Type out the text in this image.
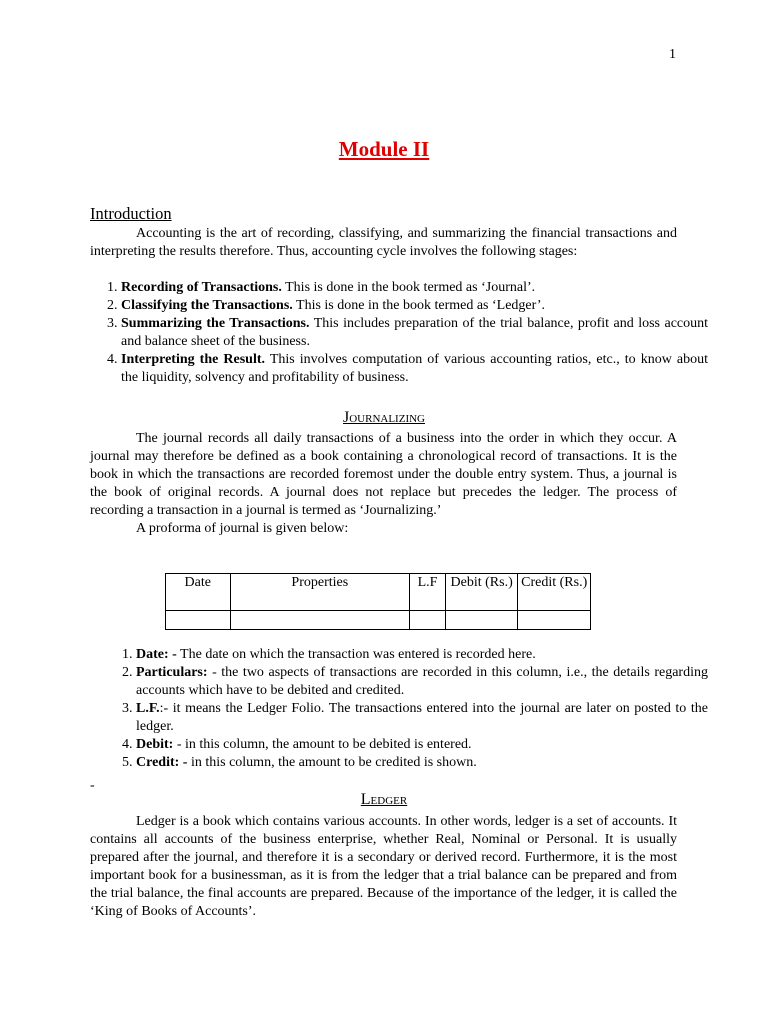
1
Module II
Introduction

Accounting is the art of recording, classifying, and summarizing the financial transactions and interpreting the results therefore. Thus, accounting cycle involves the following stages:

1. Recording of Transactions. This is done in the book termed as ‘Journal’.
2. Classifying the Transactions. This is done in the book termed as ‘Ledger’.
3. Summarizing the Transactions. This includes preparation of the trial balance, profit and loss account and balance sheet of the business.
4. Interpreting the Result. This involves computation of various accounting ratios, etc., to know about the liquidity, solvency and profitability of business.
Journalizing

The journal records all daily transactions of a business into the order in which they occur. A journal may therefore be defined as a book containing a chronological record of transactions. It is the book in which the transactions are recorded foremost under the double entry system. Thus, a journal is the book of original records. A journal does not replace but precedes the ledger. The process of recording a transaction in a journal is termed as ‘Journalizing.’

A proforma of journal is given below:

Date	Properties	L.F	Debit (Rs.)	Credit (Rs.)

1. Date: - The date on which the transaction was entered is recorded here.
2. Particulars: - the two aspects of transactions are recorded in this column, i.e., the details regarding accounts which have to be debited and credited.
3. L.F.:- it means the Ledger Folio. The transactions entered into the journal are later on posted to the ledger.
4. Debit: - in this column, the amount to be debited is entered.
5. Credit: - in this column, the amount to be credited is shown.
-
Ledger

Ledger is a book which contains various accounts. In other words, ledger is a set of accounts. It contains all accounts of the business enterprise, whether Real, Nominal or Personal. It is usually prepared after the journal, and therefore it is a secondary or derived record. Furthermore, it is the most important book for a businessman, as it is from the ledger that a trial balance can be prepared and from the trial balance, the final accounts are prepared. Because of the importance of the ledger, it is called the ‘King of Books of Accounts’.
